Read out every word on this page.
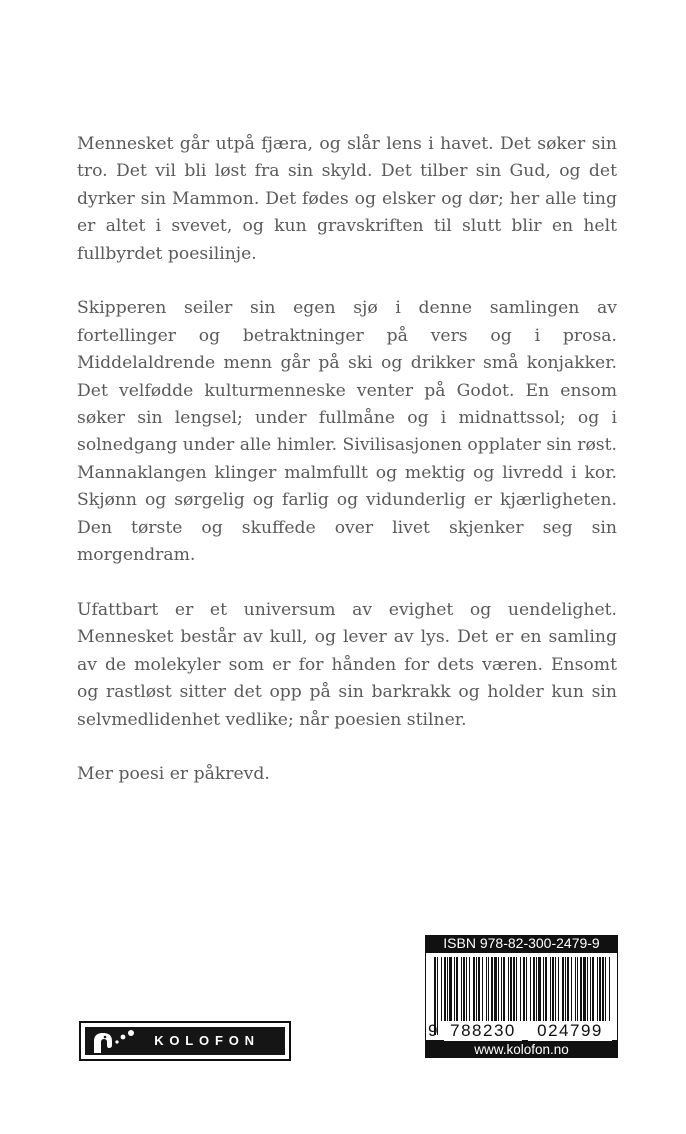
Mennesket går utpå fjæra, og slår lens i havet. Det søker sin tro. Det vil bli løst fra sin skyld. Det tilber sin Gud, og det dyrker sin Mammon. Det fødes og elsker og dør; her alle ting er altet i svevet, og kun gravskriften til slutt blir en helt fullbyrdet poesilinje.

Skipperen seiler sin egen sjø i denne samlingen av fortellinger og betraktninger på vers og i prosa. Middelaldrende menn går på ski og drikker små konjakker. Det velfødde kulturmenneske venter på Godot. En ensom søker sin lengsel; under fullmåne og i midnattssol; og i solnedgang under alle himler. Sivilisasjonen opplater sin røst. Mannaklangen klinger malmfullt og mektig og livredd i kor. Skjønn og sørgelig og farlig og vidunderlig er kjærligheten. Den tørste og skuffede over livet skjenker seg sin morgendram.

Ufattbart er et universum av evighet og uendelighet. Mennesket består av kull, og lever av lys. Det er en samling av de molekyler som er for hånden for dets væren. Ensomt og rastløst sitter det opp på sin barkrakk og holder kun sin selvmedlidenhet vedlike; når poesien stilner.

Mer poesi er påkrevd.

KOLOFON
ISBN 978-82-300-2479-9
9 788230	024799
www.kolofon.no
